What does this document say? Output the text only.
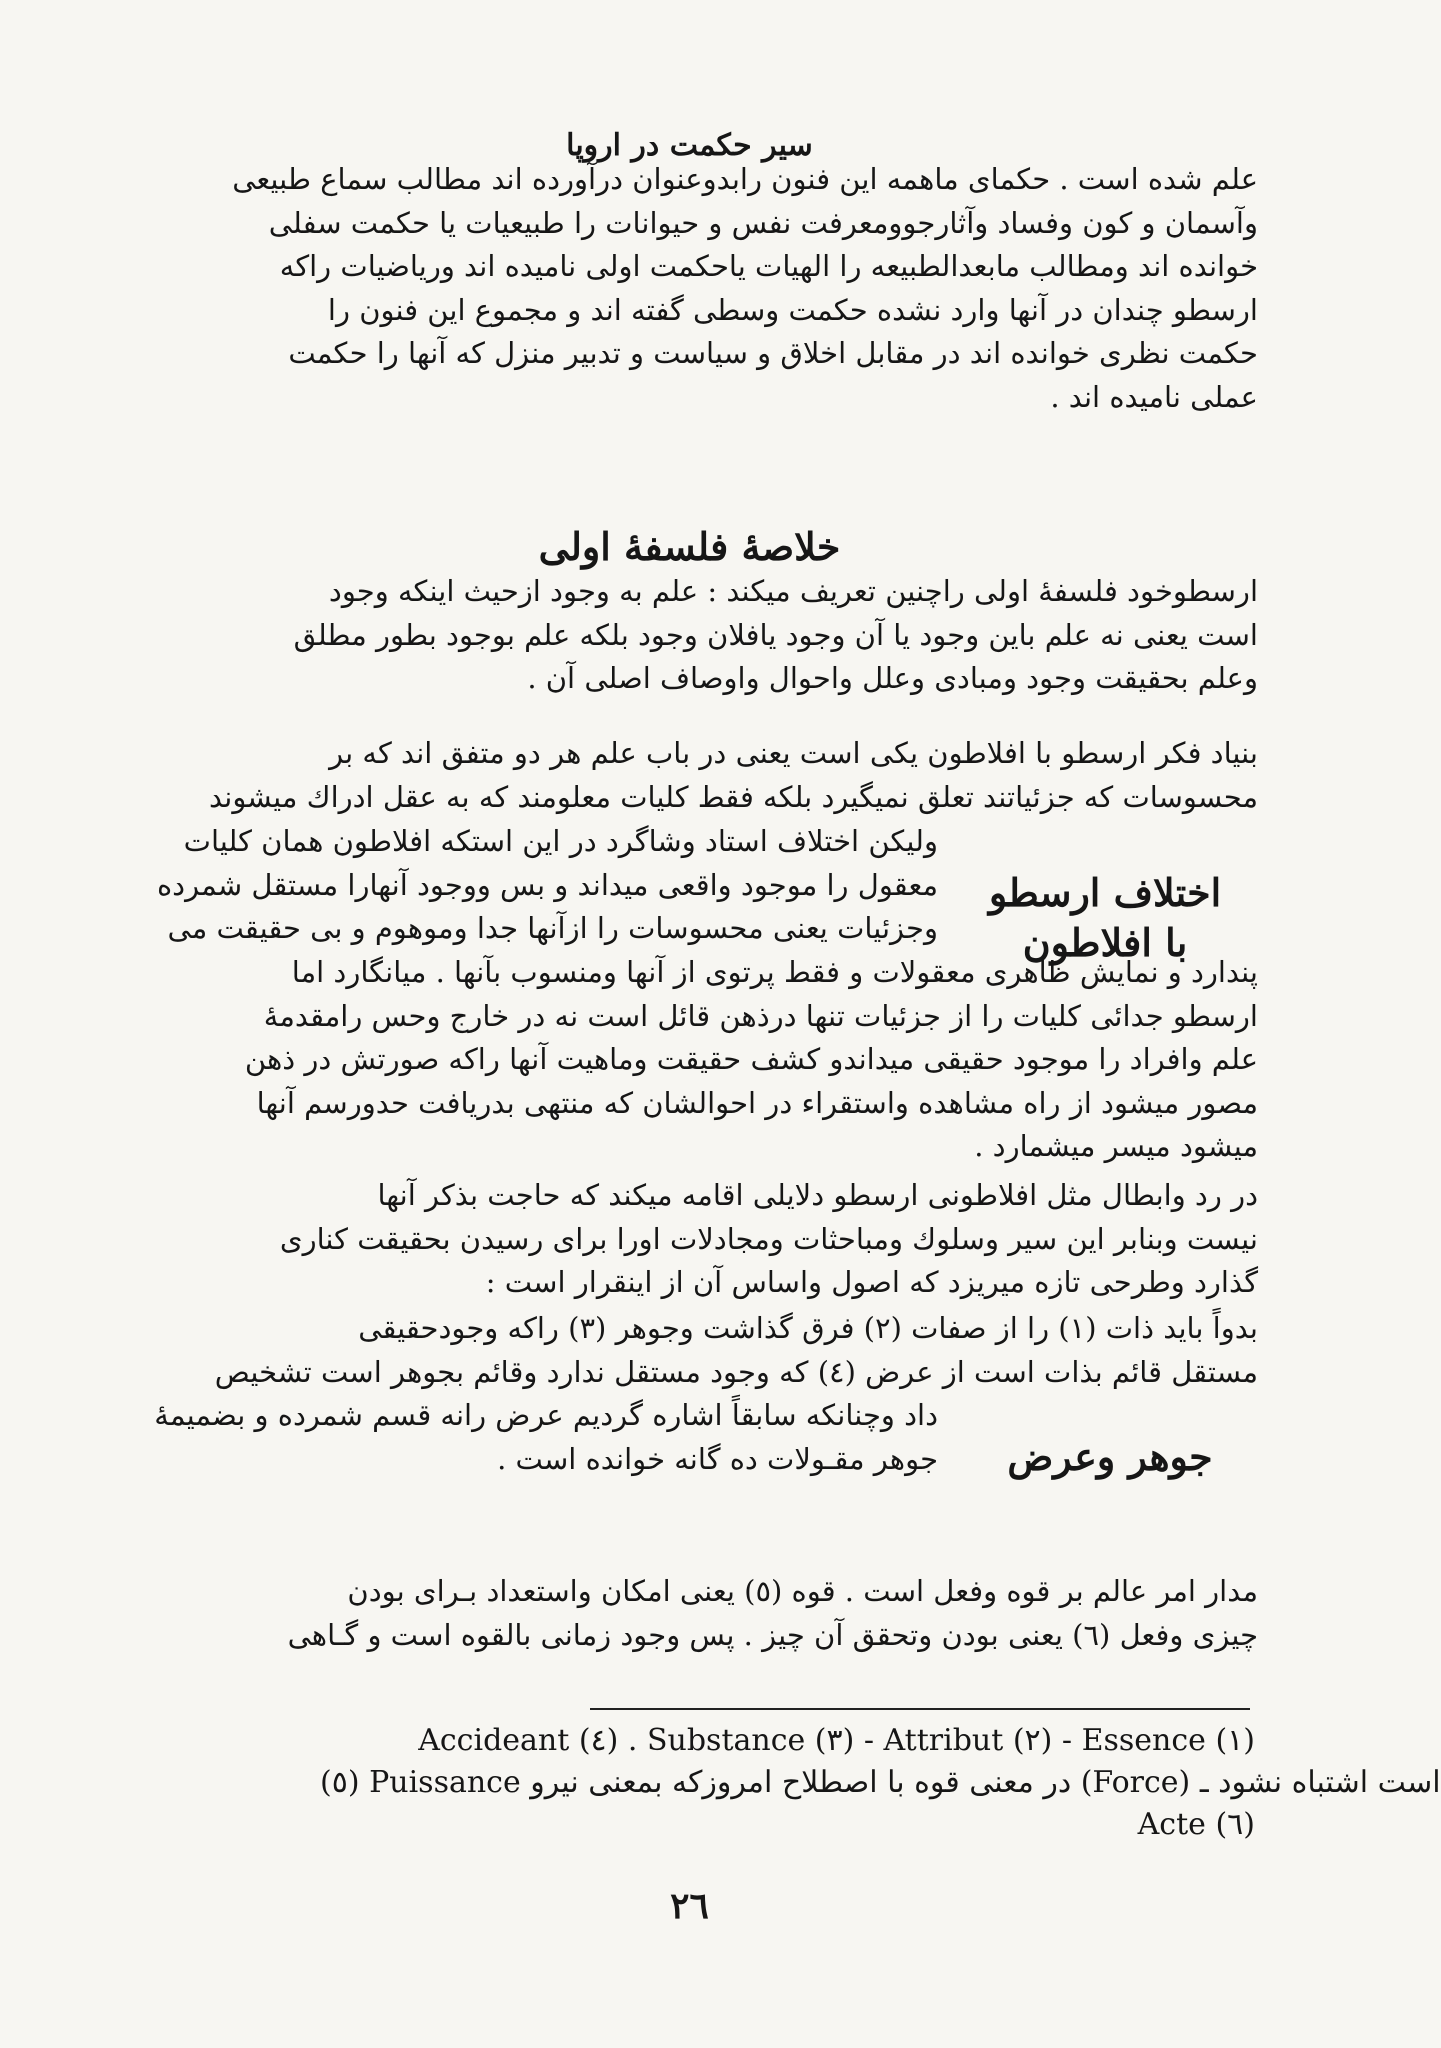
سیر حکمت در اروپا
علم شده است . حکمای ماهمه این فنون رابدوعنوان درآورده اند مطالب سماع طبیعی
وآسمان و کون وفساد وآثارجوومعرفت نفس و حیوانات را طبیعیات یا حکمت سفلی
خوانده اند ومطالب مابعدالطبیعه را الهیات یاحکمت اولی نامیده اند وریاضیات راکه
ارسطو چندان در آنها وارد نشده حکمت وسطی گفته اند و مجموع این فنون را
حکمت نظری خوانده اند در مقابل اخلاق و سیاست و تدبیر منزل که آنها را حکمت
عملی نامیده اند .
خلاصهٔ فلسفهٔ اولی
ارسطوخود فلسفهٔ اولی راچنین تعریف میکند : علم به وجود ازحیث اینکه وجود
است یعنی نه علم باین وجود یا آن وجود یافلان وجود بلکه علم بوجود بطور مطلق
وعلم بحقیقت وجود ومبادی وعلل واحوال واوصاف اصلی آن .
بنیاد فکر ارسطو با افلاطون یکی است یعنی در باب علم هر دو متفق اند که بر
محسوسات که جزئیاتند تعلق نمیگیرد بلکه فقط کلیات معلومند که به عقل ادراك میشوند
اختلاف ارسطو
با افلاطون
ولیکن اختلاف استاد وشاگرد در این استکه افلاطون همان کلیات
معقول را موجود واقعی میداند و بس ووجود آنهارا مستقل شمرده
وجزئیات یعنی محسوسات را ازآنها جدا وموهوم و بی حقیقت می
پندارد و نمایش ظاهری معقولات و فقط پرتوی از آنها ومنسوب بآنها . میانگارد اما
ارسطو جدائی کلیات را از جزئیات تنها درذهن قائل است نه در خارج وحس رامقدمهٔ
علم وافراد را موجود حقیقی میداندو کشف حقیقت وماهیت آنها راکه صورتش در ذهن
مصور میشود از راه مشاهده واستقراء در احوالشان که منتهی بدریافت حدورسم آنها
میشود میسر میشمارد .
در رد وابطال مثل افلاطونی ارسطو دلایلی اقامه میکند که حاجت بذکر آنها
نیست وبنابر این سیر وسلوك ومباحثات ومجادلات اورا برای رسیدن بحقیقت کناری
گذارد وطرحی تازه میریزد که اصول واساس آن از اینقرار است :
بدواً باید ذات (۱) را از صفات (۲) فرق گذاشت وجوهر (۳) راکه وجودحقیقی
مستقل قائم بذات است از عرض (٤) که وجود مستقل ندارد وقائم بجوهر است تشخیص
جوهر وعرض
داد وچنانکه سابقاً اشاره گردیم عرض رانه قسم شمرده و بضمیمهٔ
جوهر مقـولات ده گانه خوانده است .
مدار امر عالم بر قوه وفعل است . قوه (٥) یعنی امکان واستعداد بـرای بودن
چیزی وفعل (٦) یعنی بودن وتحقق آن چیز . پس وجود زمانی بالقوه است و گـاهی
Accideant (٤) . Substance (٣) - Attribut (٢) - Essence (١)
(٥) Puissance در معنی قوه با اصطلاح امروزکه بمعنی نیرو (Force) است اشتباه نشود ـ
Acte (٦)
٢٦
